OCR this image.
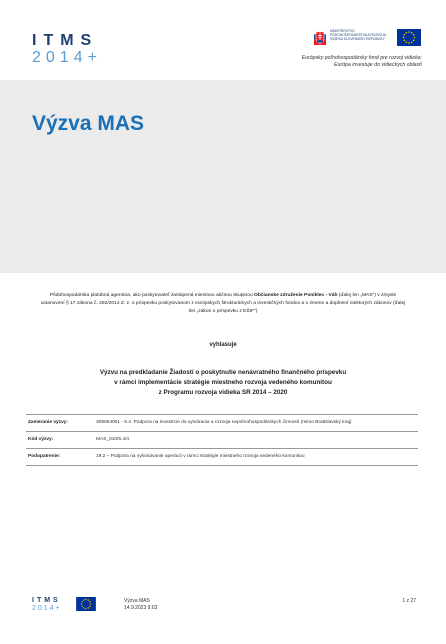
ITMS
2014+
MINISTERSTVO PÔDOHOSPODÁRSTVA A ROZVOJA VIDIEKA SLOVENSKEJ REPUBLIKY
Európsky poľnohospodársky fond pre rozvoj vidieka:
Európa investuje do vidieckych oblastí
Výzva MAS
Pôdohospodárska platobná agentúra, ako poskytovateľ zastúpená miestnou akčnou skupinou Občianske združenie Poniklec - Váh (ďalej len „MAS“) v zmysle ustanovení § 17 zákona č. 292/2014 Z. z. o príspevku poskytovanom z európskych štrukturálnych a investičných fondov a o zmene a doplnení niektorých zákonov (ďalej len „zákon o príspevku z EŠIF“)
vyhlasuje
Výzvu na predkladanie Žiadostí o poskytnutie nenávratného finančného príspevku
v rámci implementácie stratégie miestneho rozvoja vedeného komunitou
z Programu rozvoja vidieka SR 2014 – 2020
Zameranie výzvy:	309064001 - 6.4. Podpora na investície do vytvárania a rozvoja nepoľnohospodárskych činností (mimo Bratislavský kraj)
Kód výzvy:	MAS_010/6.4/4
Podopatrenie:	19.2 – Podpora na vykonávanie operácií v rámci stratégie miestneho rozvoja vedeného komunitou
ITMS
2014+
Výzva MAS
14.9.2023 9:03
1 z 27
